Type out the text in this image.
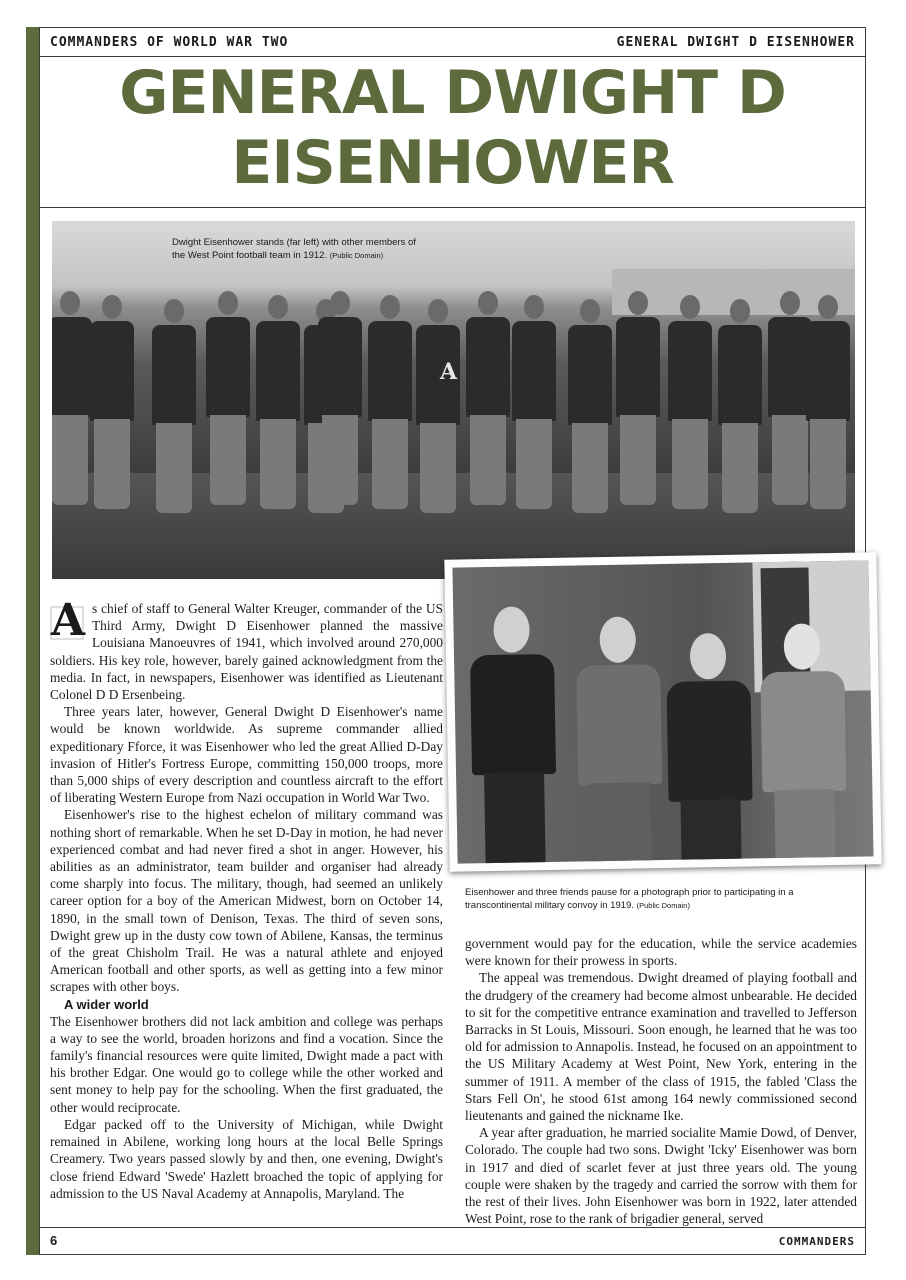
COMMANDERS OF WORLD WAR TWO	GENERAL DWIGHT D EISENHOWER
GENERAL DWIGHT D
EISENHOWER
A
Dwight Eisenhower stands (far left) with other members of the West Point football team in 1912. (Public Domain)
Eisenhower and three friends pause for a photograph prior to participating in a transcontinental military convoy in 1919. (Public Domain)

A s chief of staff to General Walter Kreuger, commander of the US Third Army, Dwight D Eisenhower planned the massive Louisiana Manoeuvres of 1941, which involved around 270,000 soldiers. His key role, however, barely gained acknowledgment from the media. In fact, in newspapers, Eisenhower was identified as Lieutenant Colonel D D Ersenbeing.

Three years later, however, General Dwight D Eisenhower's name would be known worldwide. As supreme commander allied expeditionary Fforce, it was Eisenhower who led the great Allied D-Day invasion of Hitler's Fortress Europe, committing 150,000 troops, more than 5,000 ships of every description and countless aircraft to the effort of liberating Western Europe from Nazi occupation in World War Two.

Eisenhower's rise to the highest echelon of military command was nothing short of remarkable. When he set D-Day in motion, he had never experienced combat and had never fired a shot in anger. However, his abilities as an administrator, team builder and organiser had already come sharply into focus. The military, though, had seemed an unlikely career option for a boy of the American Midwest, born on October 14, 1890, in the small town of Denison, Texas. The third of seven sons, Dwight grew up in the dusty cow town of Abilene, Kansas, the terminus of the great Chisholm Trail. He was a natural athlete and enjoyed American football and other sports, as well as getting into a few minor scrapes with other boys.

A wider world

The Eisenhower brothers did not lack ambition and college was perhaps a way to see the world, broaden horizons and find a vocation. Since the family's financial resources were quite limited, Dwight made a pact with his brother Edgar. One would go to college while the other worked and sent money to help pay for the schooling. When the first graduated, the other would reciprocate.

Edgar packed off to the University of Michigan, while Dwight remained in Abilene, working long hours at the local Belle Springs Creamery. Two years passed slowly by and then, one evening, Dwight's close friend Edward 'Swede' Hazlett broached the topic of applying for admission to the US Naval Academy at Annapolis, Maryland. The

government would pay for the education, while the service academies were known for their prowess in sports.

The appeal was tremendous. Dwight dreamed of playing football and the drudgery of the creamery had become almost unbearable. He decided to sit for the competitive entrance examination and travelled to Jefferson Barracks in St Louis, Missouri. Soon enough, he learned that he was too old for admission to Annapolis. Instead, he focused on an appointment to the US Military Academy at West Point, New York, entering in the summer of 1911. A member of the class of 1915, the fabled 'Class the Stars Fell On', he stood 61st among 164 newly commissioned second lieutenants and gained the nickname Ike.

A year after graduation, he married socialite Mamie Dowd, of Denver, Colorado. The couple had two sons. Dwight 'Icky' Eisenhower was born in 1917 and died of scarlet fever at just three years old. The young couple were shaken by the tragedy and carried the sorrow with them for the rest of their lives. John Eisenhower was born in 1922, later attended West Point, rose to the rank of brigadier general, served

6	COMMANDERS
